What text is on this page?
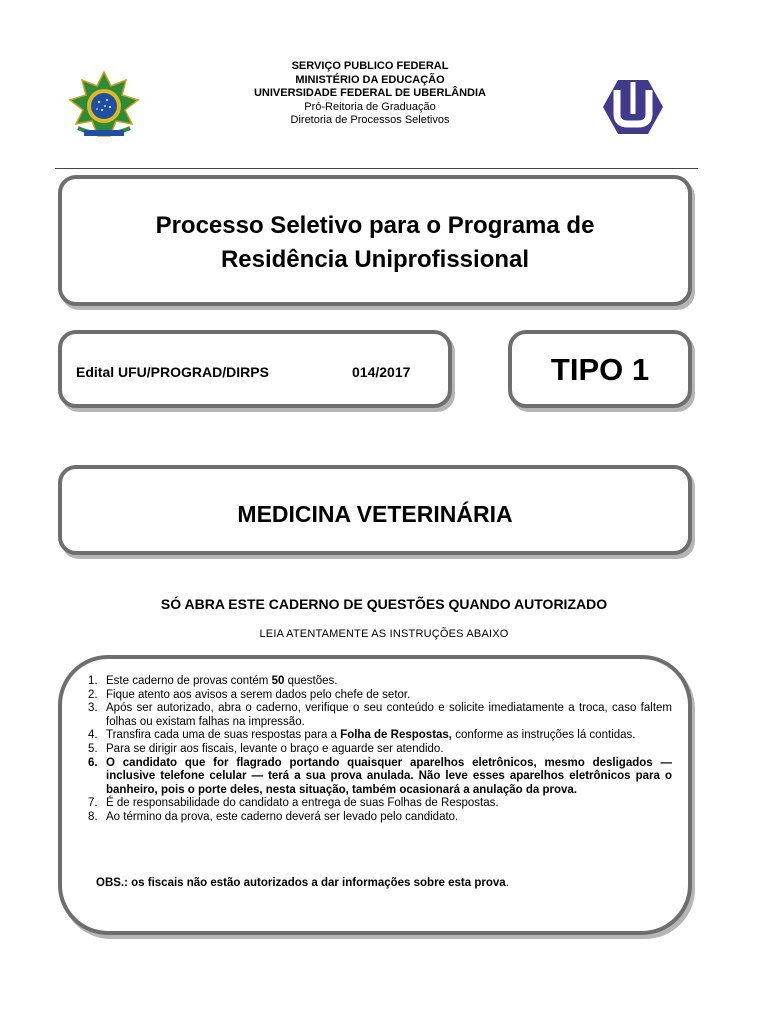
SERVIÇO PUBLICO FEDERAL
MINISTÉRIO DA EDUCAÇÃO
UNIVERSIDADE FEDERAL DE UBERLÂNDIA
Pró-Reitoria de Graduação
Diretoria de Processos Seletivos
Processo Seletivo para o Programa de
Residência Uniprofissional
Edital UFU/PROGRAD/DIRPS	014/2017	TIPO 1
MEDICINA VETERINÁRIA
SÓ ABRA ESTE CADERNO DE QUESTÕES QUANDO AUTORIZADO
LEIA ATENTAMENTE AS INSTRUÇÕES ABAIXO
1. Este caderno de provas contém 50 questões.
2. Fique atento aos avisos a serem dados pelo chefe de setor.
3. Após ser autorizado, abra o caderno, verifique o seu conteúdo e solicite imediatamente a troca, caso faltem folhas ou existam falhas na impressão.
4. Transfira cada uma de suas respostas para a Folha de Respostas, conforme as instruções lá contidas.
5. Para se dirigir aos fiscais, levante o braço e aguarde ser atendido.
6. O candidato que for flagrado portando quaisquer aparelhos eletrônicos, mesmo desligados — inclusive telefone celular — terá a sua prova anulada. Não leve esses aparelhos eletrônicos para o banheiro, pois o porte deles, nesta situação, também ocasionará a anulação da prova.
7. É de responsabilidade do candidato a entrega de suas Folhas de Respostas.
8. Ao término da prova, este caderno deverá ser levado pelo candidato.
OBS.: os fiscais não estão autorizados a dar informações sobre esta prova.
